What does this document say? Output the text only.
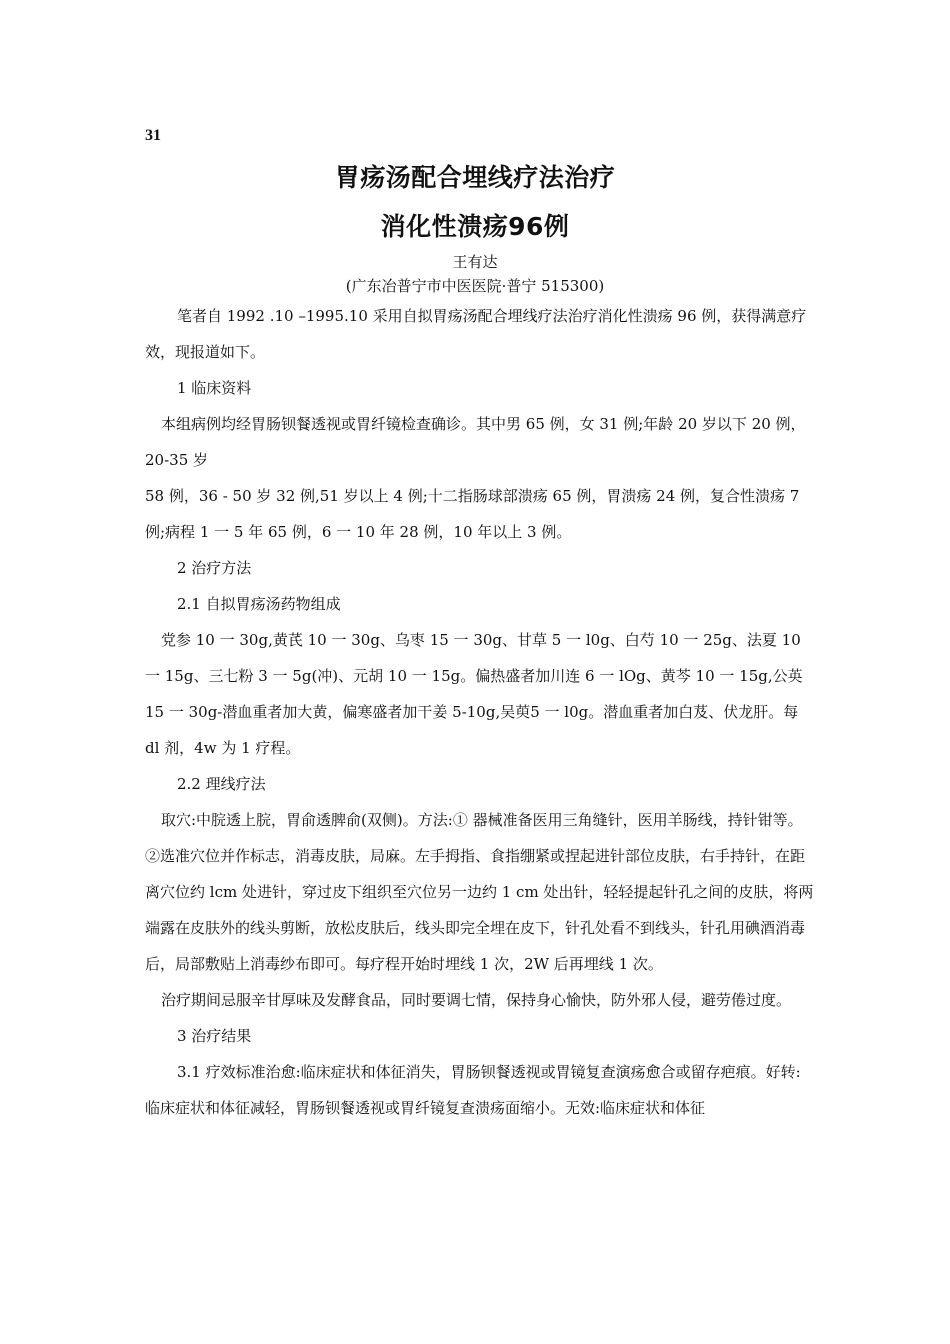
31
胃疡汤配合埋线疗法治疗
消化性溃疡96例
王有达
(广东冶普宁市中医医院·普宁 515300)

笔者自 1992 .10 –1995.10 采用自拟胃疡汤配合埋线疗法治疗消化性溃疡 96 例，获得满意疗效，现报道如下。

1 临床资料

本组病例均经胃肠钡餐透视或胃纤镜检查确诊。其中男 65 例，女 31 例;年龄 20 岁以下 20 例，20-35 岁

58 例，36 - 50 岁 32 例,51 岁以上 4 例;十二指肠球部溃疡 65 例，胃溃疡 24 例，复合性溃疡 7 例;病程 1 一 5 年 65 例，6 一 10 年 28 例，10 年以上 3 例。

2 治疗方法

2.1 自拟胃疡汤药物组成

党参 10 一 30g,黄芪 10 一 30g、乌枣 15 一 30g、甘草 5 一 l0g、白芍 10 一 25g、法夏 10 一 15g、三七粉 3 一 5g(冲)、元胡 10 一 15g。偏热盛者加川连 6 一 lOg、黄芩 10 一 15g,公英 15 一 30g-潜血重者加大黄，偏寒盛者加干姜 5-10g,吴萸5 一 l0g。潜血重者加白芨、伏龙肝。每 dl 剂，4w 为 1 疗程。

2.2 理线疗法

取穴:中脘透上脘，胃俞透脾俞(双侧)。方法:① 器械准备医用三角缝针，医用羊肠线，持针钳等。②选准穴位并作标志，消毒皮肤，局麻。左手拇指、食指绷紧或捏起进针部位皮肤，右手持针，在距离穴位约 lcm 处进针，穿过皮下组织至穴位另一边约 1 cm 处出针，轻轻提起针孔之间的皮肤，将两端露在皮肤外的线头剪断，放松皮肤后，线头即完全埋在皮下，针孔处看不到线头，针孔用碘酒消毒后，局部敷贴上消毒纱布即可。每疗程开始时埋线 1 次，2W 后再埋线 1 次。

治疗期间忌服辛甘厚味及发酵食品，同时要调七情，保持身心愉快，防外邪人侵，避劳倦过度。

3 治疗结果

3.1 疗效标准治愈:临床症状和体征消失，胃肠钡餐透视或胃镜复查演疡愈合或留存疤痕。好转:临床症状和体征减轻，胃肠钡餐透视或胃纤镜复查溃疡面缩小。无效:临床症状和体征
